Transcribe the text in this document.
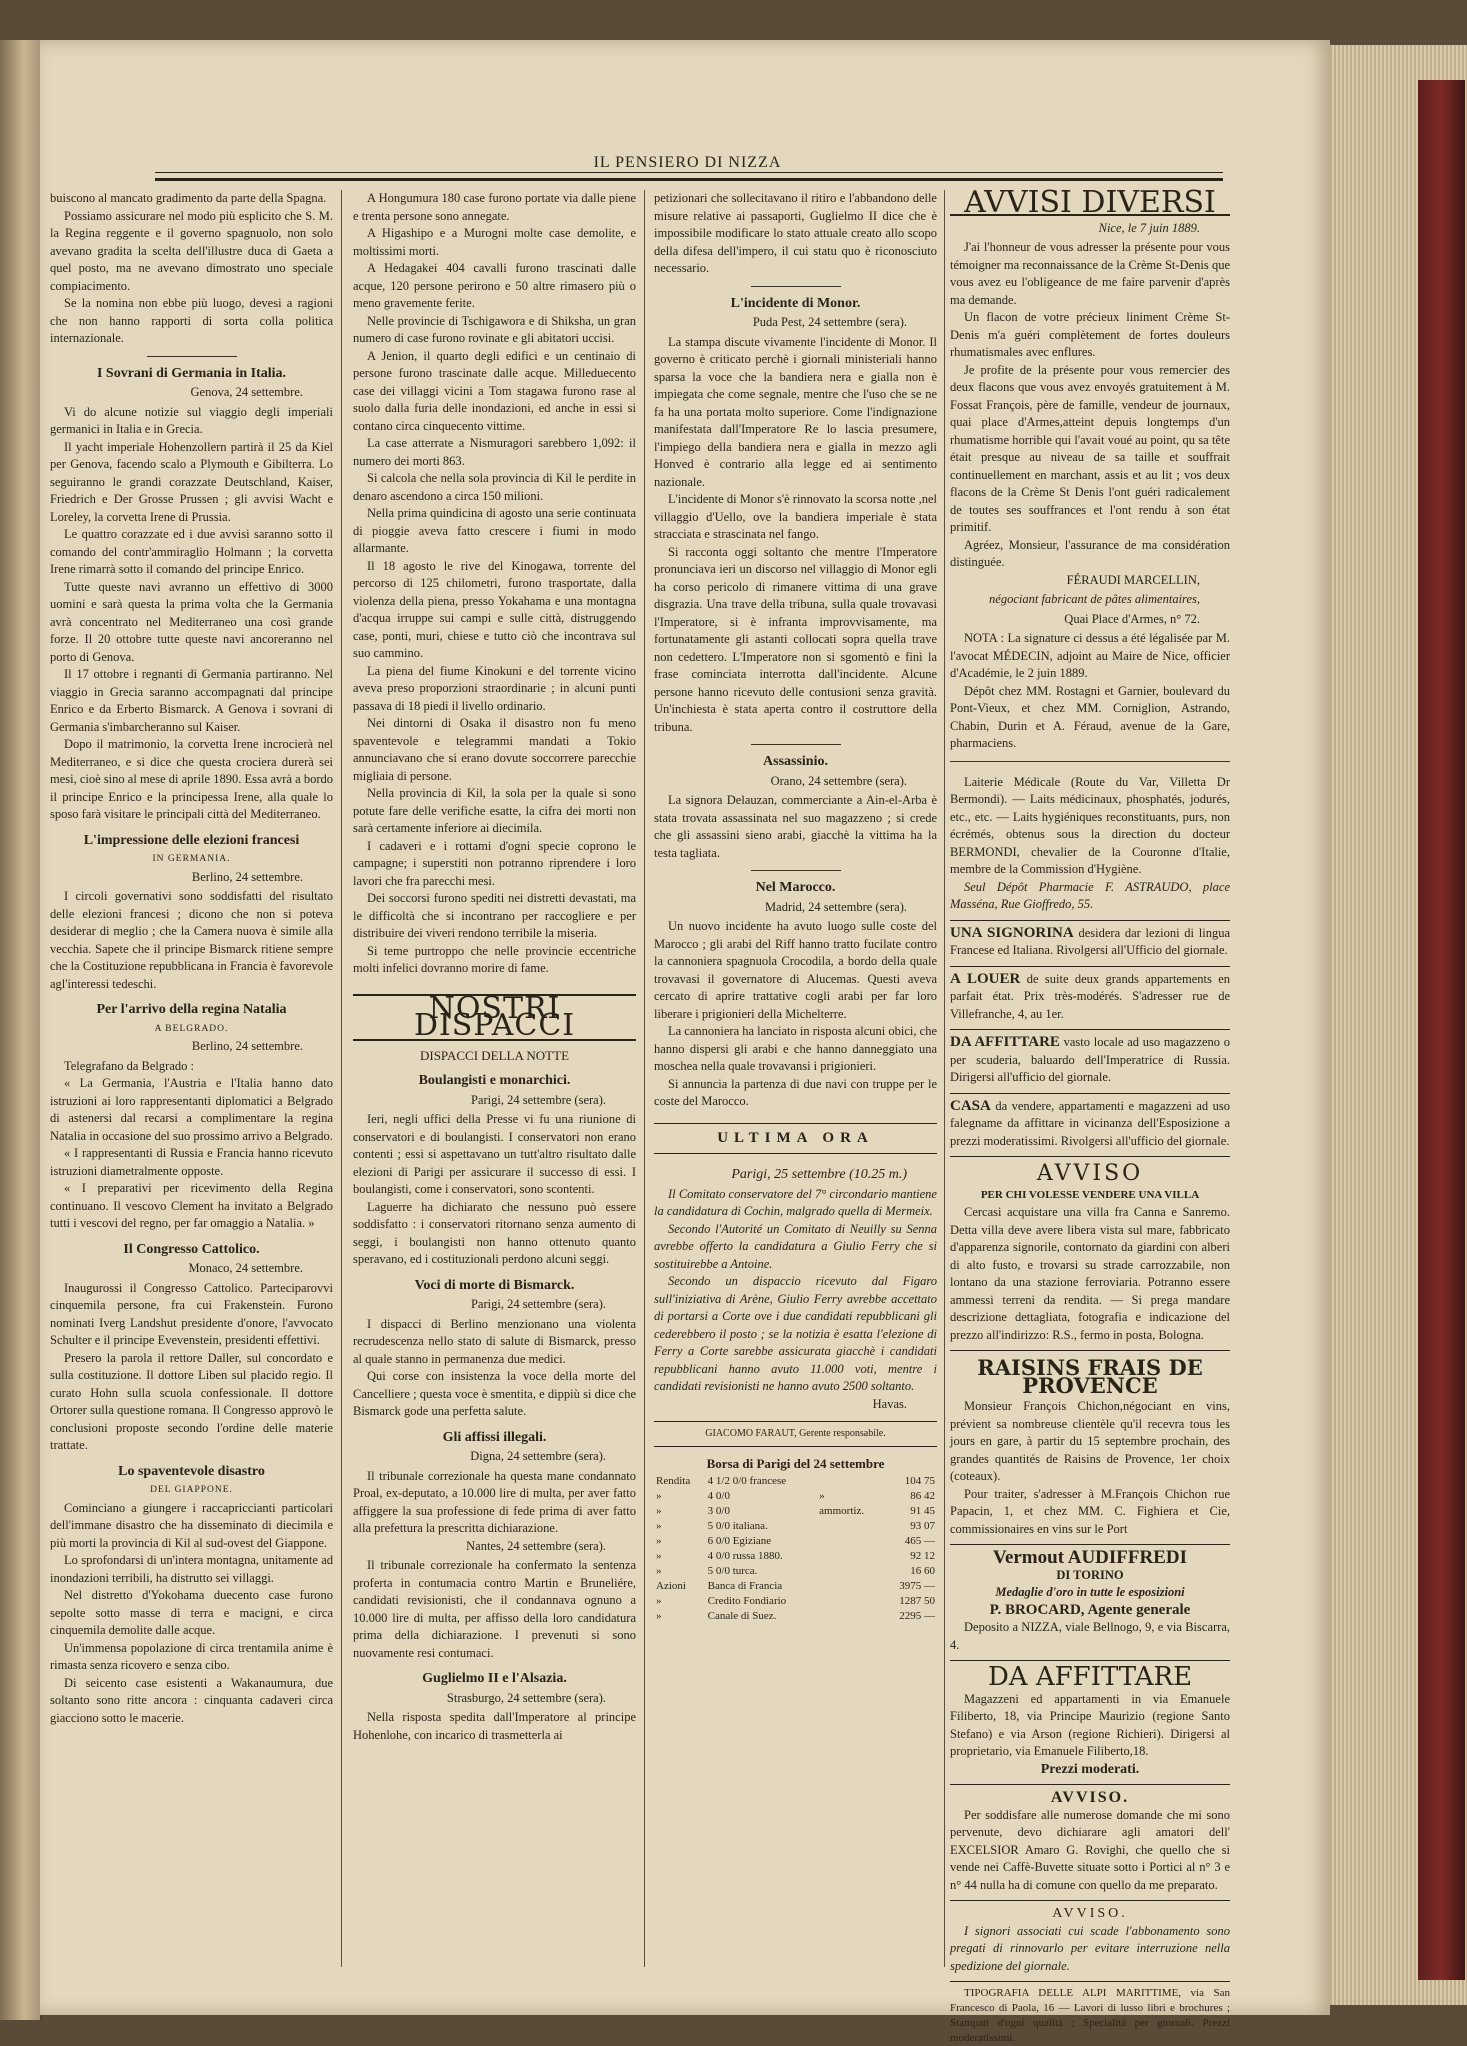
IL PENSIERO DI NIZZA

buiscono al mancato gradimento da parte della Spagna.

Possiamo assicurare nel modo più esplicito che S. M. la Regina reggente e il governo spagnuolo, non solo avevano gradita la scelta dell'illustre duca di Gaeta a quel posto, ma ne avevano dimostrato uno speciale compiacimento.

Se la nomina non ebbe più luogo, devesi a ragioni che non hanno rapporti di sorta colla politica internazionale.

I Sovrani di Germania in Italia.

Genova, 24 settembre.

Vi do alcune notizie sul viaggio degli imperiali germanici in Italia e in Grecia.

Il yacht imperiale Hohenzollern partirà il 25 da Kiel per Genova, facendo scalo a Plymouth e Gibilterra. Lo seguiranno le grandi corazzate Deutschland, Kaiser, Friedrich e Der Grosse Prussen ; gli avvisi Wacht e Loreley, la corvetta Irene di Prussia.

Le quattro corazzate ed i due avvisi saranno sotto il comando del contr'ammiraglio Holmann ; la corvetta Irene rimarrà sotto il comando del principe Enrico.

Tutte queste navi avranno un effettivo di 3000 uomini e sarà questa la prima volta che la Germania avrà concentrato nel Mediterraneo una così grande forze. Il 20 ottobre tutte queste navi ancoreranno nel porto di Genova.

Il 17 ottobre i regnanti di Germania partiranno. Nel viaggio in Grecia saranno accompagnati dal principe Enrico e da Erberto Bismarck. A Genova i sovrani di Germania s'imbarcheranno sul Kaiser.

Dopo il matrimonio, la corvetta Irene incrocierà nel Mediterraneo, e si dice che questa crociera durerà sei mesi, cioè sino al mese di aprile 1890. Essa avrà a bordo il principe Enrico e la principessa Irene, alla quale lo sposo farà visitare le principali città del Mediterraneo.

L'impressione delle elezioni francesi
IN GERMANIA.

Berlino, 24 settembre.

I circoli governativi sono soddisfatti del risultato delle elezioni francesi ; dicono che non si poteva desiderar di meglio ; che la Camera nuova è simile alla vecchia. Sapete che il principe Bismarck ritiene sempre che la Costituzione repubblicana in Francia è favorevole agl'interessi tedeschi.

Per l'arrivo della regina Natalia
A BELGRADO.

Berlino, 24 settembre.

Telegrafano da Belgrado :

« La Germania, l'Austria e l'Italia hanno dato istruzioni ai loro rappresentanti diplomatici a Belgrado di astenersi dal recarsi a complimentare la regina Natalia in occasione del suo prossimo arrivo a Belgrado.

« I rappresentanti di Russia e Francia hanno ricevuto istruzioni diametralmente opposte.

« I preparativi per ricevimento della Regina continuano. Il vescovo Clement ha invitato a Belgrado tutti i vescovi del regno, per far omaggio a Natalia. »

Il Congresso Cattolico.

Monaco, 24 settembre.

Inaugurossi il Congresso Cattolico. Parteciparovvi cinquemila persone, fra cui Frakenstein. Furono nominati Iverg Landshut presidente d'onore, l'avvocato Schulter e il principe Evevenstein, presidenti effettivi.

Presero la parola il rettore Daller, sul concordato e sulla costituzione. Il dottore Liben sul placido regio. Il curato Hohn sulla scuola confessionale. Il dottore Ortorer sulla questione romana. Il Congresso approvò le conclusioni proposte secondo l'ordine delle materie trattate.

Lo spaventevole disastro
DEL GIAPPONE.

Cominciano a giungere i raccapriccianti particolari dell'immane disastro che ha disseminato di diecimila e più morti la provincia di Kil al sud-ovest del Giappone.

Lo sprofondarsi di un'intera montagna, unitamente ad inondazioni terribili, ha distrutto sei villaggi.

Nel distretto d'Yokohama duecento case furono sepolte sotto masse di terra e macigni, e circa cinquemila demolite dalle acque.

Un'immensa popolazione di circa trentamila anime è rimasta senza ricovero e senza cibo.

Di seicento case esistenti a Wakanaumura, due soltanto sono ritte ancora : cinquanta cadaveri circa giacciono sotto le macerie.

A Hongumura 180 case furono portate via dalle piene e trenta persone sono annegate.

A Higashipo e a Murogni molte case demolite, e moltissimi morti.

A Hedagakei 404 cavalli furono trascinati dalle acque, 120 persone perirono e 50 altre rimasero più o meno gravemente ferite.

Nelle provincie di Tschigawora e di Shiksha, un gran numero di case furono rovinate e gli abitatori uccisi.

A Jenion, il quarto degli edifici e un centinaio di persone furono trascinate dalle acque. Milleduecento case dei villaggi vicini a Tom stagawa furono rase al suolo dalla furia delle inondazioni, ed anche in essi si contano circa cinquecento vittime.

La case atterrate a Nismuragori sarebbero 1,092: il numero dei morti 863.

Si calcola che nella sola provincia di Kil le perdite in denaro ascendono a circa 150 milioni.

Nella prima quindicina di agosto una serie continuata di pioggie aveva fatto crescere i fiumi in modo allarmante.

Il 18 agosto le rive del Kinogawa, torrente del percorso di 125 chilometri, furono trasportate, dalla violenza della piena, presso Yokahama e una montagna d'acqua irruppe sui campi e sulle città, distruggendo case, ponti, muri, chiese e tutto ciò che incontrava sul suo cammino.

La piena del fiume Kinokuni e del torrente vicino aveva preso proporzioni straordinarie ; in alcuni punti passava di 18 piedi il livello ordinario.

Nei dintorni di Osaka il disastro non fu meno spaventevole e telegrammi mandati a Tokio annunciavano che si erano dovute soccorrere parecchie migliaia di persone.

Nella provincia di Kil, la sola per la quale si sono potute fare delle verifiche esatte, la cifra dei morti non sarà certamente inferiore ai diecimila.

I cadaveri e i rottami d'ogni specie coprono le campagne; i superstiti non potranno riprendere i loro lavori che fra parecchi mesi.

Dei soccorsi furono spediti nei distretti devastati, ma le difficoltà che si incontrano per raccogliere e per distribuire dei viveri rendono terribile la miseria.

Si teme purtroppo che nelle provincie eccentriche molti infelici dovranno morire di fame.

NOSTRI DISPACCI
DISPACCI DELLA NOTTE
Boulangisti e monarchici.

Parigi, 24 settembre (sera).

Ieri, negli uffici della Presse vi fu una riunione di conservatori e di boulangisti. I conservatori non erano contenti ; essi si aspettavano un tutt'altro risultato dalle elezioni di Parigi per assicurare il successo di essi. I boulangisti, come i conservatori, sono scontenti.

Laguerre ha dichiarato che nessuno può essere soddisfatto : i conservatori ritornano senza aumento di seggi, i boulangisti non hanno ottenuto quanto speravano, ed i costituzionali perdono alcuni seggi.

Voci di morte di Bismarck.

Parigi, 24 settembre (sera).

I dispacci di Berlino menzionano una violenta recrudescenza nello stato di salute di Bismarck, presso al quale stanno in permanenza due medici.

Qui corse con insistenza la voce della morte del Cancelliere ; questa voce è smentita, e dippiù si dice che Bismarck gode una perfetta salute.

Gli affissi illegali.

Digna, 24 settembre (sera).

Il tribunale correzionale ha questa mane condannato Proal, ex-deputato, a 10.000 lire di multa, per aver fatto affiggere la sua professione di fede prima di aver fatto alla prefettura la prescritta dichiarazione.

Nantes, 24 settembre (sera).

Il tribunale correzionale ha confermato la sentenza proferta in contumacia contro Martin e Bruneliére, candidati revisionisti, che il condannava ognuno a 10.000 lire di multa, per affisso della loro candidatura prima della dichiarazione. I prevenuti si sono nuovamente resi contumaci.

Guglielmo II e l'Alsazia.

Strasburgo, 24 settembre (sera).

Nella risposta spedita dall'Imperatore al principe Hohenlohe, con incarico di trasmetterla ai

petizionari che sollecitavano il ritiro e l'abbandono delle misure relative ai passaporti, Guglielmo II dice che è impossibile modificare lo stato attuale creato allo scopo della difesa dell'impero, il cui statu quo è riconosciuto necessario.

L'incidente di Monor.

Puda Pest, 24 settembre (sera).

La stampa discute vivamente l'incidente di Monor. Il governo è criticato perchè i giornali ministeriali hanno sparsa la voce che la bandiera nera e gialla non è impiegata che come segnale, mentre che l'uso che se ne fa ha una portata molto superiore. Come l'indignazione manifestata dall'Imperatore Re lo lascia presumere, l'impiego della bandiera nera e gialla in mezzo agli Honved è contrario alla legge ed ai sentimento nazionale.

L'incidente di Monor s'è rinnovato la scorsa notte ,nel villaggio d'Uello, ove la bandiera imperiale è stata stracciata e strascinata nel fango.

Si racconta oggi soltanto che mentre l'Imperatore pronunciava ieri un discorso nel villaggio di Monor egli ha corso pericolo di rimanere vittima di una grave disgrazia. Una trave della tribuna, sulla quale trovavasi l'Imperatore, si è infranta improvvisamente, ma fortunatamente gli astanti collocati sopra quella trave non cedettero. L'Imperatore non si sgomentò e finì la frase cominciata interrotta dall'incidente. Alcune persone hanno ricevuto delle contusioni senza gravità. Un'inchiesta è stata aperta contro il costruttore della tribuna.

Assassinio.

Orano, 24 settembre (sera).

La signora Delauzan, commerciante a Ain-el-Arba è stata trovata assassinata nel suo magazzeno ; si crede che gli assassini sieno arabi, giacchè la vittima ha la testa tagliata.

Nel Marocco.

Madrid, 24 settembre (sera).

Un nuovo incidente ha avuto luogo sulle coste del Marocco ; gli arabi del Riff hanno tratto fucilate contro la cannoniera spagnuola Crocodila, a bordo della quale trovavasi il governatore di Alucemas. Questi aveva cercato di aprire trattative cogli arabi per far loro liberare i prigionieri della Michelterre.

La cannoniera ha lanciato in risposta alcuni obici, che hanno dispersi gli arabi e che hanno danneggiato una moschea nella quale trovavansi i prigionieri.

Si annuncia la partenza di due navi con truppe per le coste del Marocco.

ULTIMA ORA

Parigi, 25 settembre (10.25 m.)

Il Comitato conservatore del 7° circondario mantiene la candidatura di Cochin, malgrado quella di Mermeix.

Secondo l'Autorité un Comitato di Neuilly su Senna avrebbe offerto la candidatura a Giulio Ferry che si sostituirebbe a Antoine.

Secondo un dispaccio ricevuto dal Figaro sull'iniziativa di Arène, Giulio Ferry avrebbe accettato di portarsi a Corte ove i due candidati repubblicani gli cederebbero il posto ; se la notizia è esatta l'elezione di Ferry a Corte sarebbe assicurata giacchè i candidati repubblicani hanno avuto 11.000 voti, mentre i candidati revisionisti ne hanno avuto 2500 soltanto.

Havas.

GIACOMO FARAUT, Gerente responsabile.
Borsa di Parigi del 24 settembre
Rendita	4 1/2 0/0 francese		104 75
»	4 0/0	»	86 42
»	3 0/0	ammortiz.	91 45
»	5 0/0 italiana.		93 07
»	6 0/0 Egiziane		465 —
»	4 0/0 russa 1880.		92 12
»	5 0/0 turca.		16 60
Azioni	Banca di Francia		3975 —
»	Credito Fondiario		1287 50
»	Canale di Suez.		2295 —
AVVISI DIVERSI

Nice, le 7 juin 1889.

J'ai l'honneur de vous adresser la présente pour vous témoigner ma reconnaissance de la Crème St-Denis que vous avez eu l'obligeance de me faire parvenir d'après ma demande.

Un flacon de votre précieux liniment Crème St-Denis m'a guéri complètement de fortes douleurs rhumatismales avec enflures.

Je profite de la présente pour vous remercier des deux flacons que vous avez envoyés gratuitement à M. Fossat François, père de famille, vendeur de journaux, quai place d'Armes,atteint depuis longtemps d'un rhumatisme horrible qui l'avait voué au point, qu sa tête était presque au niveau de sa taille et souffrait continuellement en marchant, assis et au lit ; vos deux flacons de la Crème St Denis l'ont guéri radicalement de toutes ses souffrances et l'ont rendu à son état primitif.

Agréez, Monsieur, l'assurance de ma considération distinguée.

FÉRAUDI MARCELLIN,

négociant fabricant de pâtes alimentaires,

Quai Place d'Armes, n° 72.

NOTA : La signature ci dessus a été légalisée par M. l'avocat MÉDECIN, adjoint au Maire de Nice, officier d'Académie, le 2 juin 1889.

Dépôt chez MM. Rostagni et Garnier, boulevard du Pont-Vieux, et chez MM. Corniglion, Astrando, Chabin, Durin et A. Féraud, avenue de la Gare, pharmaciens.

Laiterie Médicale (Route du Var, Villetta Dr Bermondi). — Laits médicinaux, phosphatés, jodurés, etc., etc. — Laits hygiéniques reconstituants, purs, non écrémés, obtenus sous la direction du docteur BERMONDI, chevalier de la Couronne d'Italie, membre de la Commission d'Hygiène.

Seul Dépôt Pharmacie F. ASTRAUDO, place Masséna, Rue Gioffredo, 55.

UNA SIGNORINA desidera dar lezioni di lingua Francese ed Italiana. Rivolgersi all'Ufficio del giornale.

A LOUER de suite deux grands appartements en parfait état. Prix très-modérés. S'adresser rue de Villefranche, 4, au 1er.

DA AFFITTARE vasto locale ad uso magazzeno o per scuderia, baluardo dell'Imperatrice di Russia. Dirigersi all'ufficio del giornale.

CASA da vendere, appartamenti e magazzeni ad uso falegname da affittare in vicinanza dell'Esposizione a prezzi moderatissimi. Rivolgersi all'ufficio del giornale.

AVVISO
PER CHI VOLESSE VENDERE UNA VILLA

Cercasi acquistare una villa fra Canna e Sanremo. Detta villa deve avere libera vista sul mare, fabbricato d'apparenza signorile, contornato da giardini con alberi di alto fusto, e trovarsi su strade carrozzabile, non lontano da una stazione ferroviaria. Potranno essere ammessi terreni da rendita. — Si prega mandare descrizione dettagliata, fotografia e indicazione del prezzo all'indirizzo: R.S., fermo in posta, Bologna.

RAISINS FRAIS DE PROVENCE

Monsieur François Chichon,négociant en vins, prévient sa nombreuse clientèle qu'il recevra tous les jours en gare, à partir du 15 septembre prochain, des grandes quantités de Raisins de Provence, 1er choix (coteaux).

Pour traiter, s'adresser à M.François Chichon rue Papacin, 1, et chez MM. C. Fighiera et Cie, commissionaires en vins sur le Port

Vermout AUDIFFREDI
DI TORINO
Medaglie d'oro in tutte le esposizioni
P. BROCARD, Agente generale

Deposito a NIZZA, viale Bellnogo, 9, e via Biscarra, 4.

DA AFFITTARE

Magazzeni ed appartamenti in via Emanuele Filiberto, 18, via Principe Maurizio (regione Santo Stefano) e via Arson (regione Richieri). Dirigersi al proprietario, via Emanuele Filiberto,18.

Prezzi moderati.
AVVISO.

Per soddisfare alle numerose domande che mi sono pervenute, devo dichiarare agli amatori dell' EXCELSIOR Amaro G. Rovighi, che quello che si vende nei Caffè-Buvette situate sotto i Portici al n° 3 e n° 44 nulla ha di comune con quello da me preparato.

AVVISO.

I signori associati cui scade l'abbonamento sono pregati di rinnovarlo per evitare interruzione nella spedizione del giornale.

TIPOGRAFIA DELLE ALPI MARITTIME, via San Francesco di Paola, 16 — Lavori di lusso libri e brochures ; Stampati d'ogni qualità ; Specialità per giornali. Prezzi moderatissimi.
